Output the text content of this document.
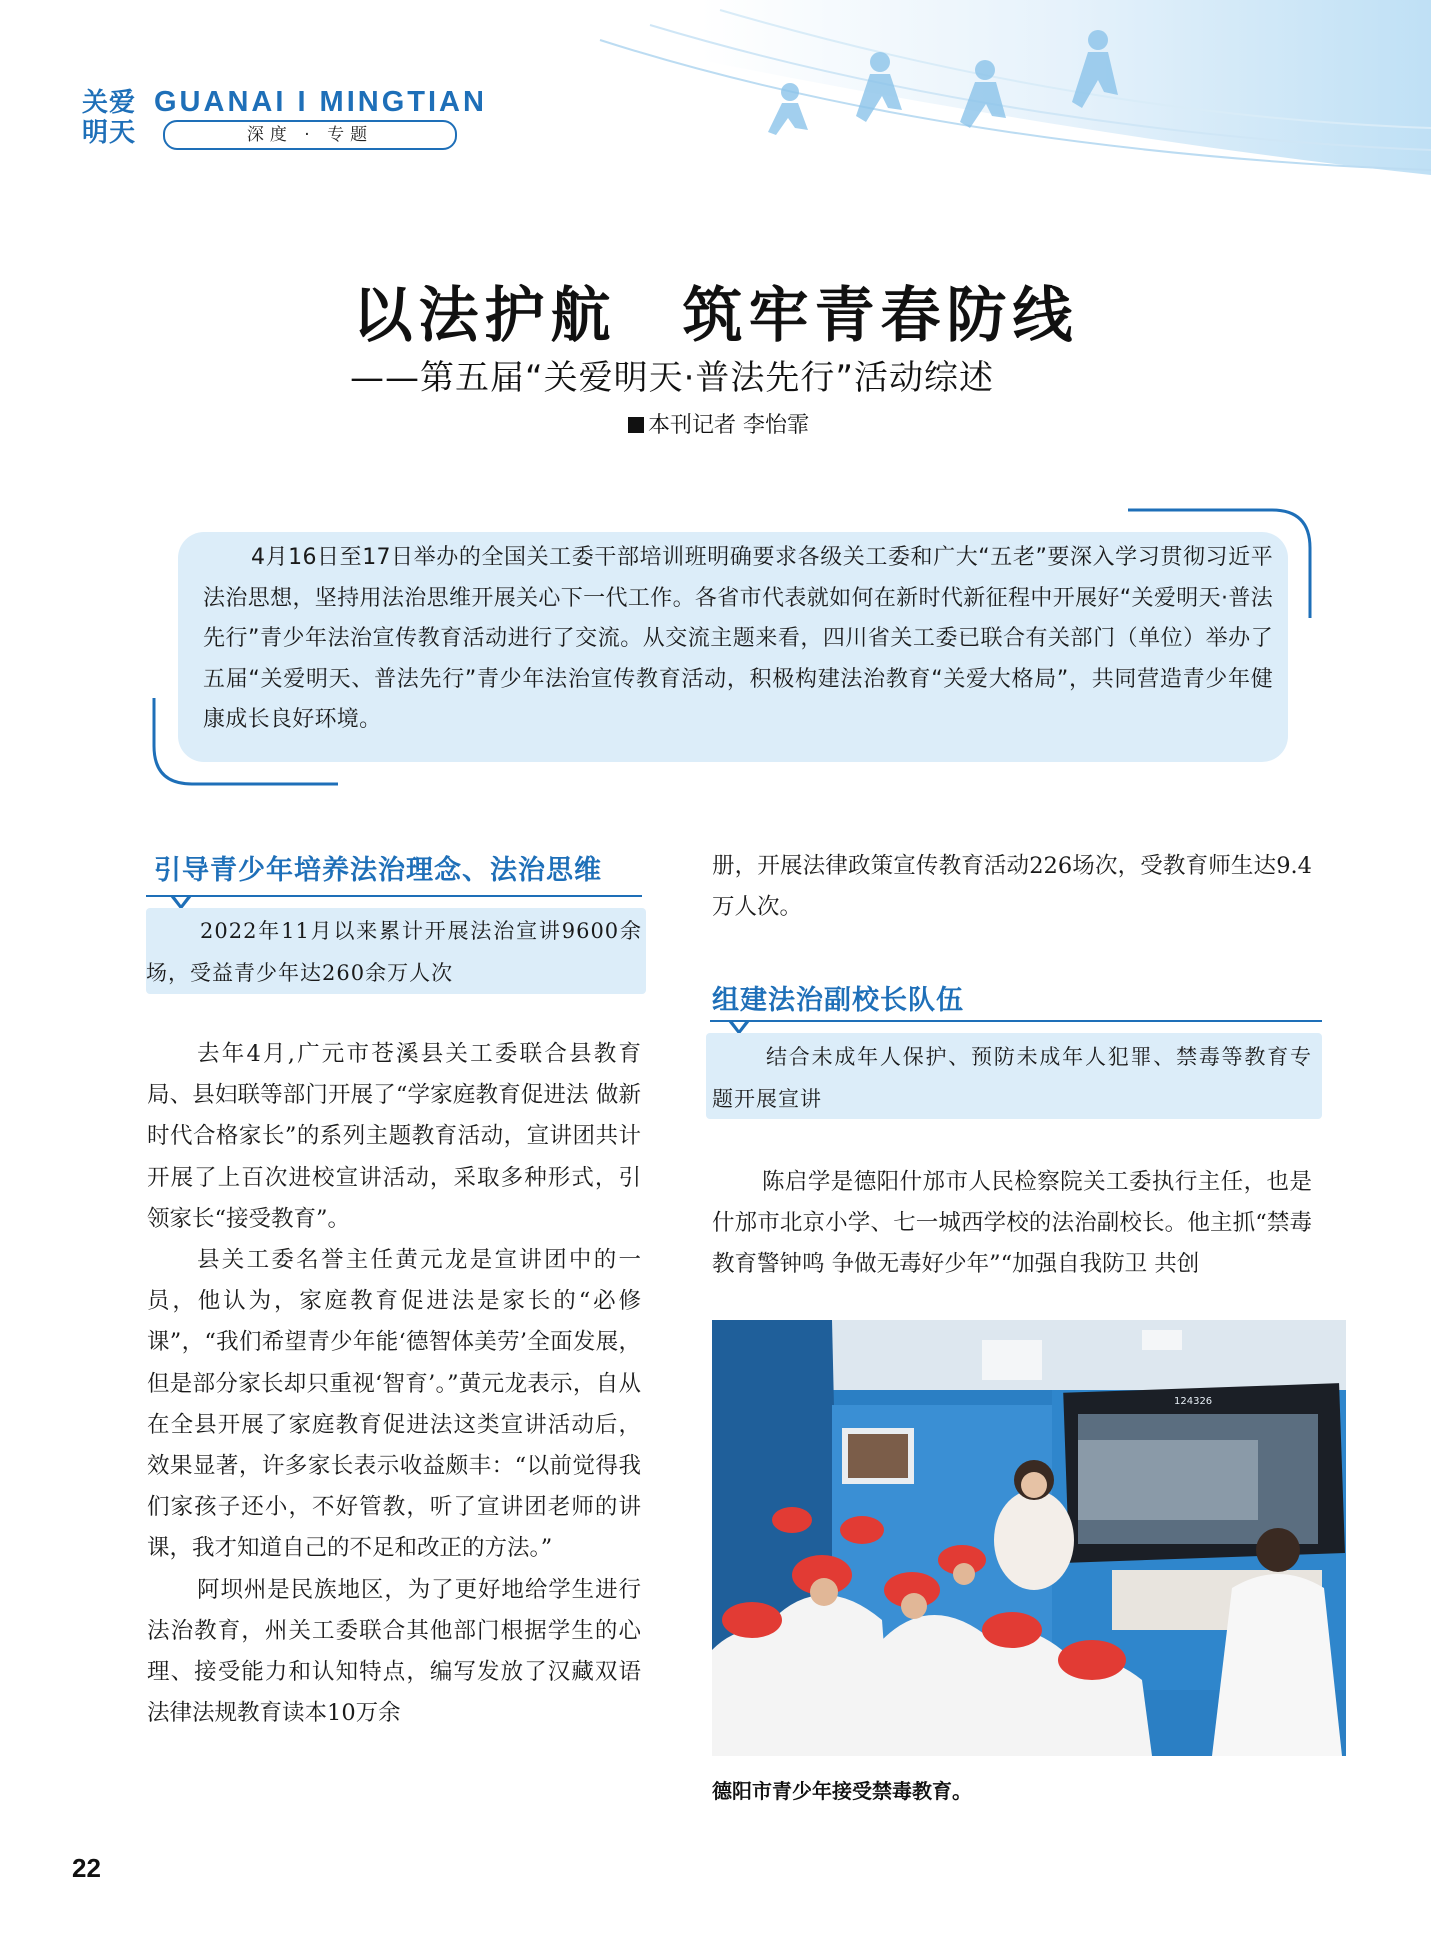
关爱明天
GUANAI I MINGTIAN
深度 · 专题
以法护航　筑牢青春防线
——第五届“关爱明天·普法先行”活动综述
本刊记者 李怡霏
4月16日至17日举办的全国关工委干部培训班明确要求各级关工委和广大“五老”要深入学习贯彻习近平法治思想，坚持用法治思维开展关心下一代工作。各省市代表就如何在新时代新征程中开展好“关爱明天·普法先行”青少年法治宣传教育活动进行了交流。从交流主题来看，四川省关工委已联合有关部门（单位）举办了五届“关爱明天、普法先行”青少年法治宣传教育活动，积极构建法治教育“关爱大格局”，共同营造青少年健康成长良好环境。
引导青少年培养法治理念、法治思维
2022年11月以来累计开展法治宣讲9600余场，受益青少年达260余万人次

去年4月,广元市苍溪县关工委联合县教育局、县妇联等部门开展了“学家庭教育促进法 做新时代合格家长”的系列主题教育活动，宣讲团共计开展了上百次进校宣讲活动，采取多种形式，引领家长“接受教育”。

县关工委名誉主任黄元龙是宣讲团中的一员，他认为，家庭教育促进法是家长的“必修课”，“我们希望青少年能‘德智体美劳’全面发展，但是部分家长却只重视‘智育’。”黄元龙表示，自从在全县开展了家庭教育促进法这类宣讲活动后，效果显著，许多家长表示收益颇丰：“以前觉得我们家孩子还小，不好管教，听了宣讲团老师的讲课，我才知道自己的不足和改正的方法。”

阿坝州是民族地区，为了更好地给学生进行法治教育，州关工委联合其他部门根据学生的心理、接受能力和认知特点，编写发放了汉藏双语法律法规教育读本10万余

册，开展法律政策宣传教育活动226场次，受教育师生达9.4万人次。

组建法治副校长队伍
结合未成年人保护、预防未成年人犯罪、禁毒等教育专题开展宣讲

陈启学是德阳什邡市人民检察院关工委执行主任，也是什邡市北京小学、七一城西学校的法治副校长。他主抓“禁毒教育警钟鸣 争做无毒好少年”“加强自我防卫 共创

124326
德阳市青少年接受禁毒教育。
22
